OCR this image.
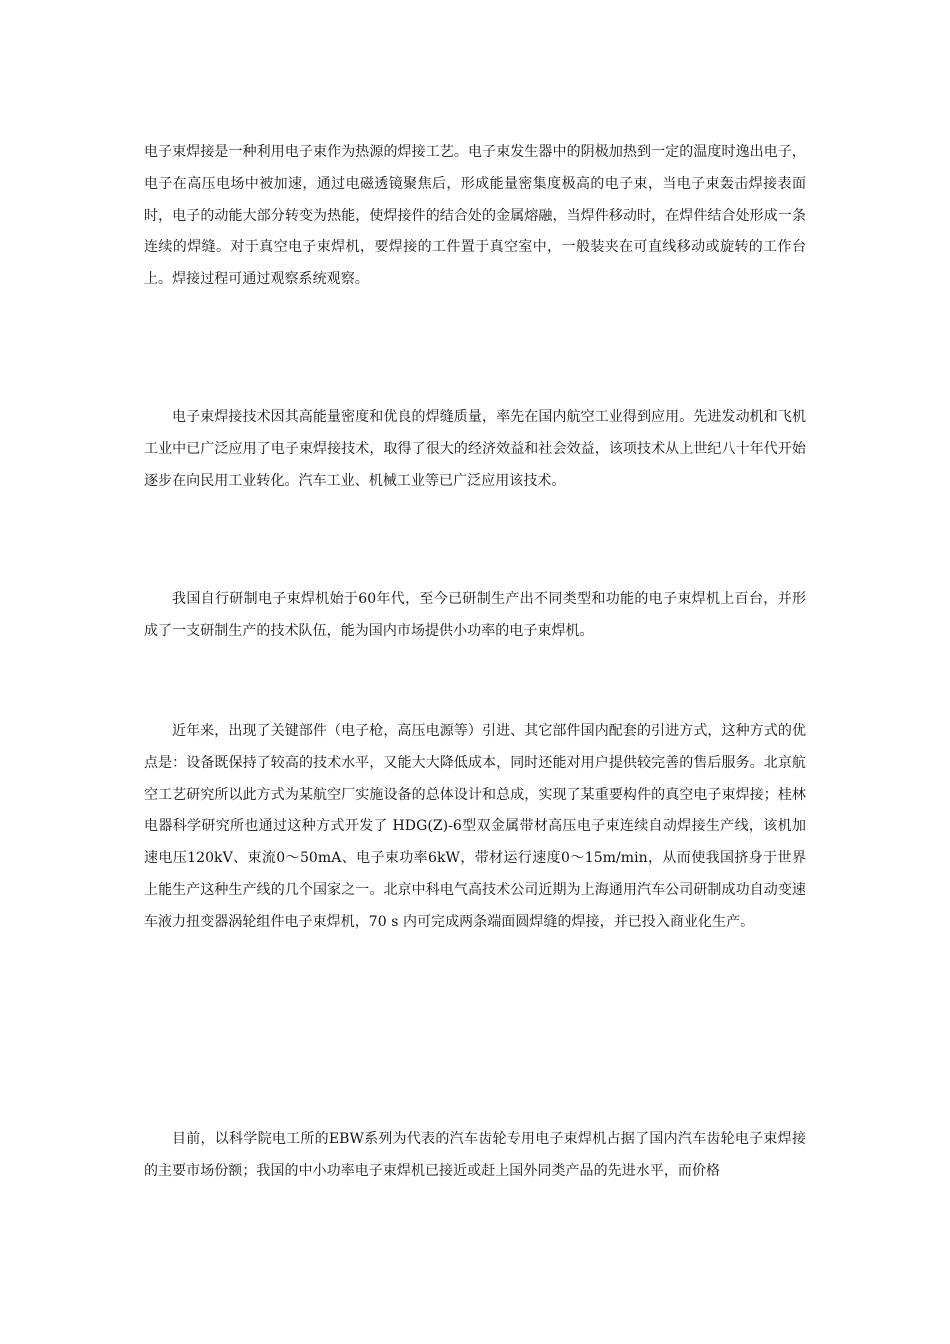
电子束焊接是一种利用电子束作为热源的焊接工艺。电子束发生器中的阴极加热到一定的温度时逸出电子，电子在高压电场中被加速，通过电磁透镜聚焦后，形成能量密集度极高的电子束，当电子束轰击焊接表面时，电子的动能大部分转变为热能，使焊接件的结合处的金属熔融，当焊件移动时，在焊件结合处形成一条连续的焊缝。对于真空电子束焊机，要焊接的工件置于真空室中，一般装夹在可直线移动或旋转的工作台上。焊接过程可通过观察系统观察。

电子束焊接技术因其高能量密度和优良的焊缝质量，率先在国内航空工业得到应用。先进发动机和飞机工业中已广泛应用了电子束焊接技术，取得了很大的经济效益和社会效益，该项技术从上世纪八十年代开始逐步在向民用工业转化。汽车工业、机械工业等已广泛应用该技术。

我国自行研制电子束焊机始于60年代，至今已研制生产出不同类型和功能的电子束焊机上百台，并形成了一支研制生产的技术队伍，能为国内市场提供小功率的电子束焊机。

近年来，出现了关键部件（电子枪，高压电源等）引进、其它部件国内配套的引进方式，这种方式的优点是：设备既保持了较高的技术水平，又能大大降低成本，同时还能对用户提供较完善的售后服务。北京航空工艺研究所以此方式为某航空厂实施设备的总体设计和总成，实现了某重要构件的真空电子束焊接；桂林电器科学研究所也通过这种方式开发了 HDG(Z)-6型双金属带材高压电子束连续自动焊接生产线，该机加速电压120kV、束流0～50mA、电子束功率6kW，带材运行速度0～15m/min，从而使我国挤身于世界上能生产这种生产线的几个国家之一。北京中科电气高技术公司近期为上海通用汽车公司研制成功自动变速车液力扭变器涡轮组件电子束焊机，70 s 内可完成两条端面圆焊缝的焊接，并已投入商业化生产。

目前，以科学院电工所的EBW系列为代表的汽车齿轮专用电子束焊机占据了国内汽车齿轮电子束焊接的主要市场份额；我国的中小功率电子束焊机已接近或赶上国外同类产品的先进水平，而价格
